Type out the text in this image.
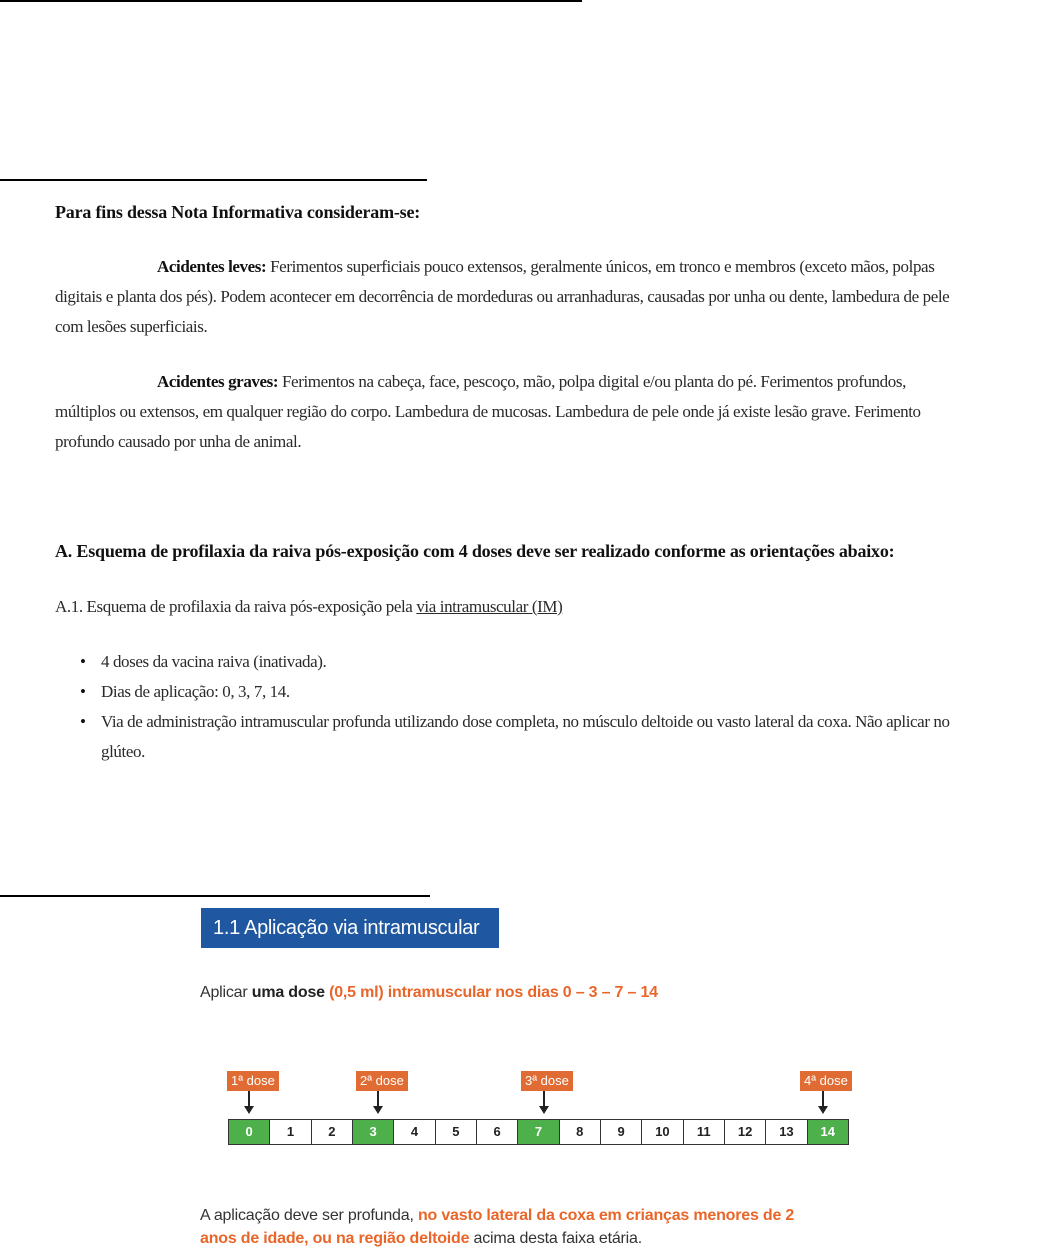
Para fins dessa Nota Informativa consideram-se:
Acidentes leves: Ferimentos superficiais pouco extensos, geralmente únicos, em tronco e membros (exceto mãos, polpas
digitais e planta dos pés). Podem acontecer em decorrência de mordeduras ou arranhaduras, causadas por unha ou dente, lambedura de pele
com lesões superficiais.
Acidentes graves: Ferimentos na cabeça, face, pescoço, mão, polpa digital e/ou planta do pé. Ferimentos profundos,
múltiplos ou extensos, em qualquer região do corpo. Lambedura de mucosas. Lambedura de pele onde já existe lesão grave. Ferimento
profundo causado por unha de animal.
A. Esquema de profilaxia da raiva pós-exposição com 4 doses deve ser realizado conforme as orientações abaixo:
A.1. Esquema de profilaxia da raiva pós-exposição pela via intramuscular (IM)
• 4 doses da vacina raiva (inativada).
• Dias de aplicação: 0, 3, 7, 14.
• Via de administração intramuscular profunda utilizando dose completa, no músculo deltoide ou vasto lateral da coxa. Não aplicar no
glúteo.
1.1 Aplicação via intramuscular
Aplicar uma dose (0,5 ml) intramuscular nos dias 0 – 3 – 7 – 14
1ª dose	2ª dose	3ª dose	4ª dose
0	1	2	3	4	5	6	7	8	9	10	11	12	13	14
A aplicação deve ser profunda, no vasto lateral da coxa em crianças menores de 2
anos de idade, ou na região deltoide acima desta faixa etária.
